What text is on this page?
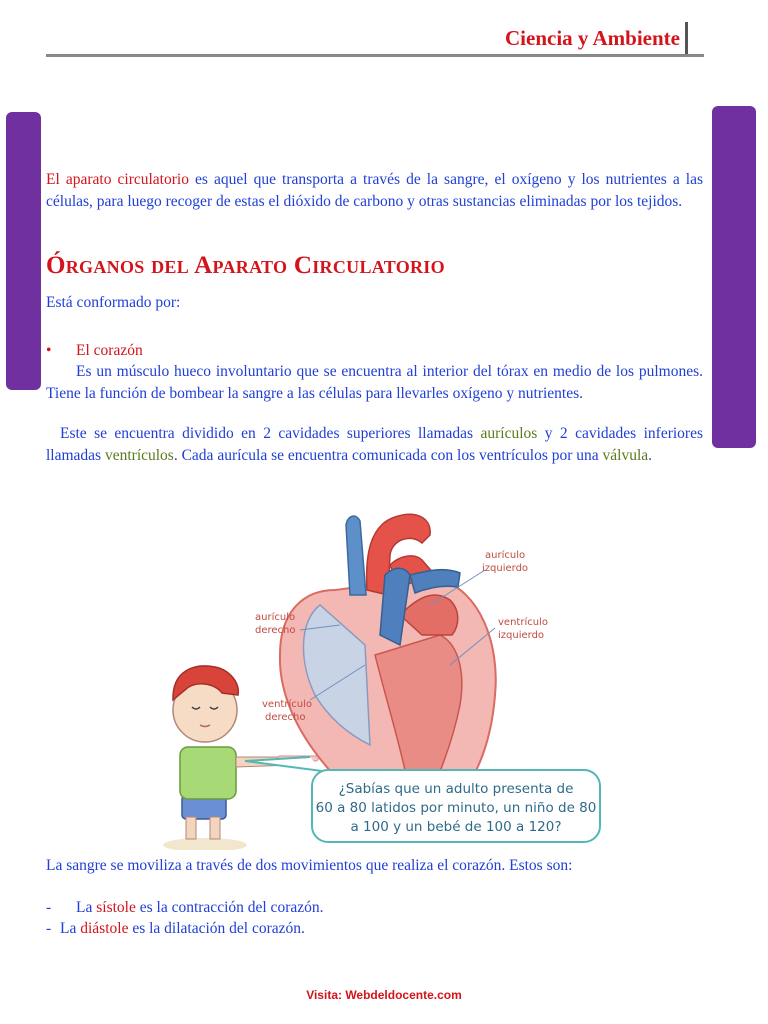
Ciencia y Ambiente

El aparato circulatorio es aquel que transporta a través de la sangre, el oxígeno y los nutrientes a las células, para luego recoger de estas el dióxido de carbono y otras sustancias eliminadas por los tejidos.

Órganos del Aparato Circulatorio

Está conformado por:

• El corazón

Es un músculo hueco involuntario que se encuentra al interior del tórax en medio de los pulmones. Tiene la función de bombear la sangre a las células para llevarles oxígeno y nutrientes.

Este se encuentra dividido en 2 cavidades superiores llamadas aurículos y 2 cavidades inferiores llamadas ventrículos. Cada aurícula se encuentra comunicada con los ventrículos por una válvula.

aurículo
izquierdo
ventrículo
izquierdo
aurículo
derecho
ventrículo
derecho
¿Sabías que un adulto presenta de
60 a 80 latidos por minuto, un niño de 80
a 100 y un bebé de 100 a 120?

La sangre se moviliza a través de dos movimientos que realiza el corazón. Estos son:

- La sístole es la contracción del corazón.
- La diástole es la dilatación del corazón.
Visita: Webdeldocente.com
